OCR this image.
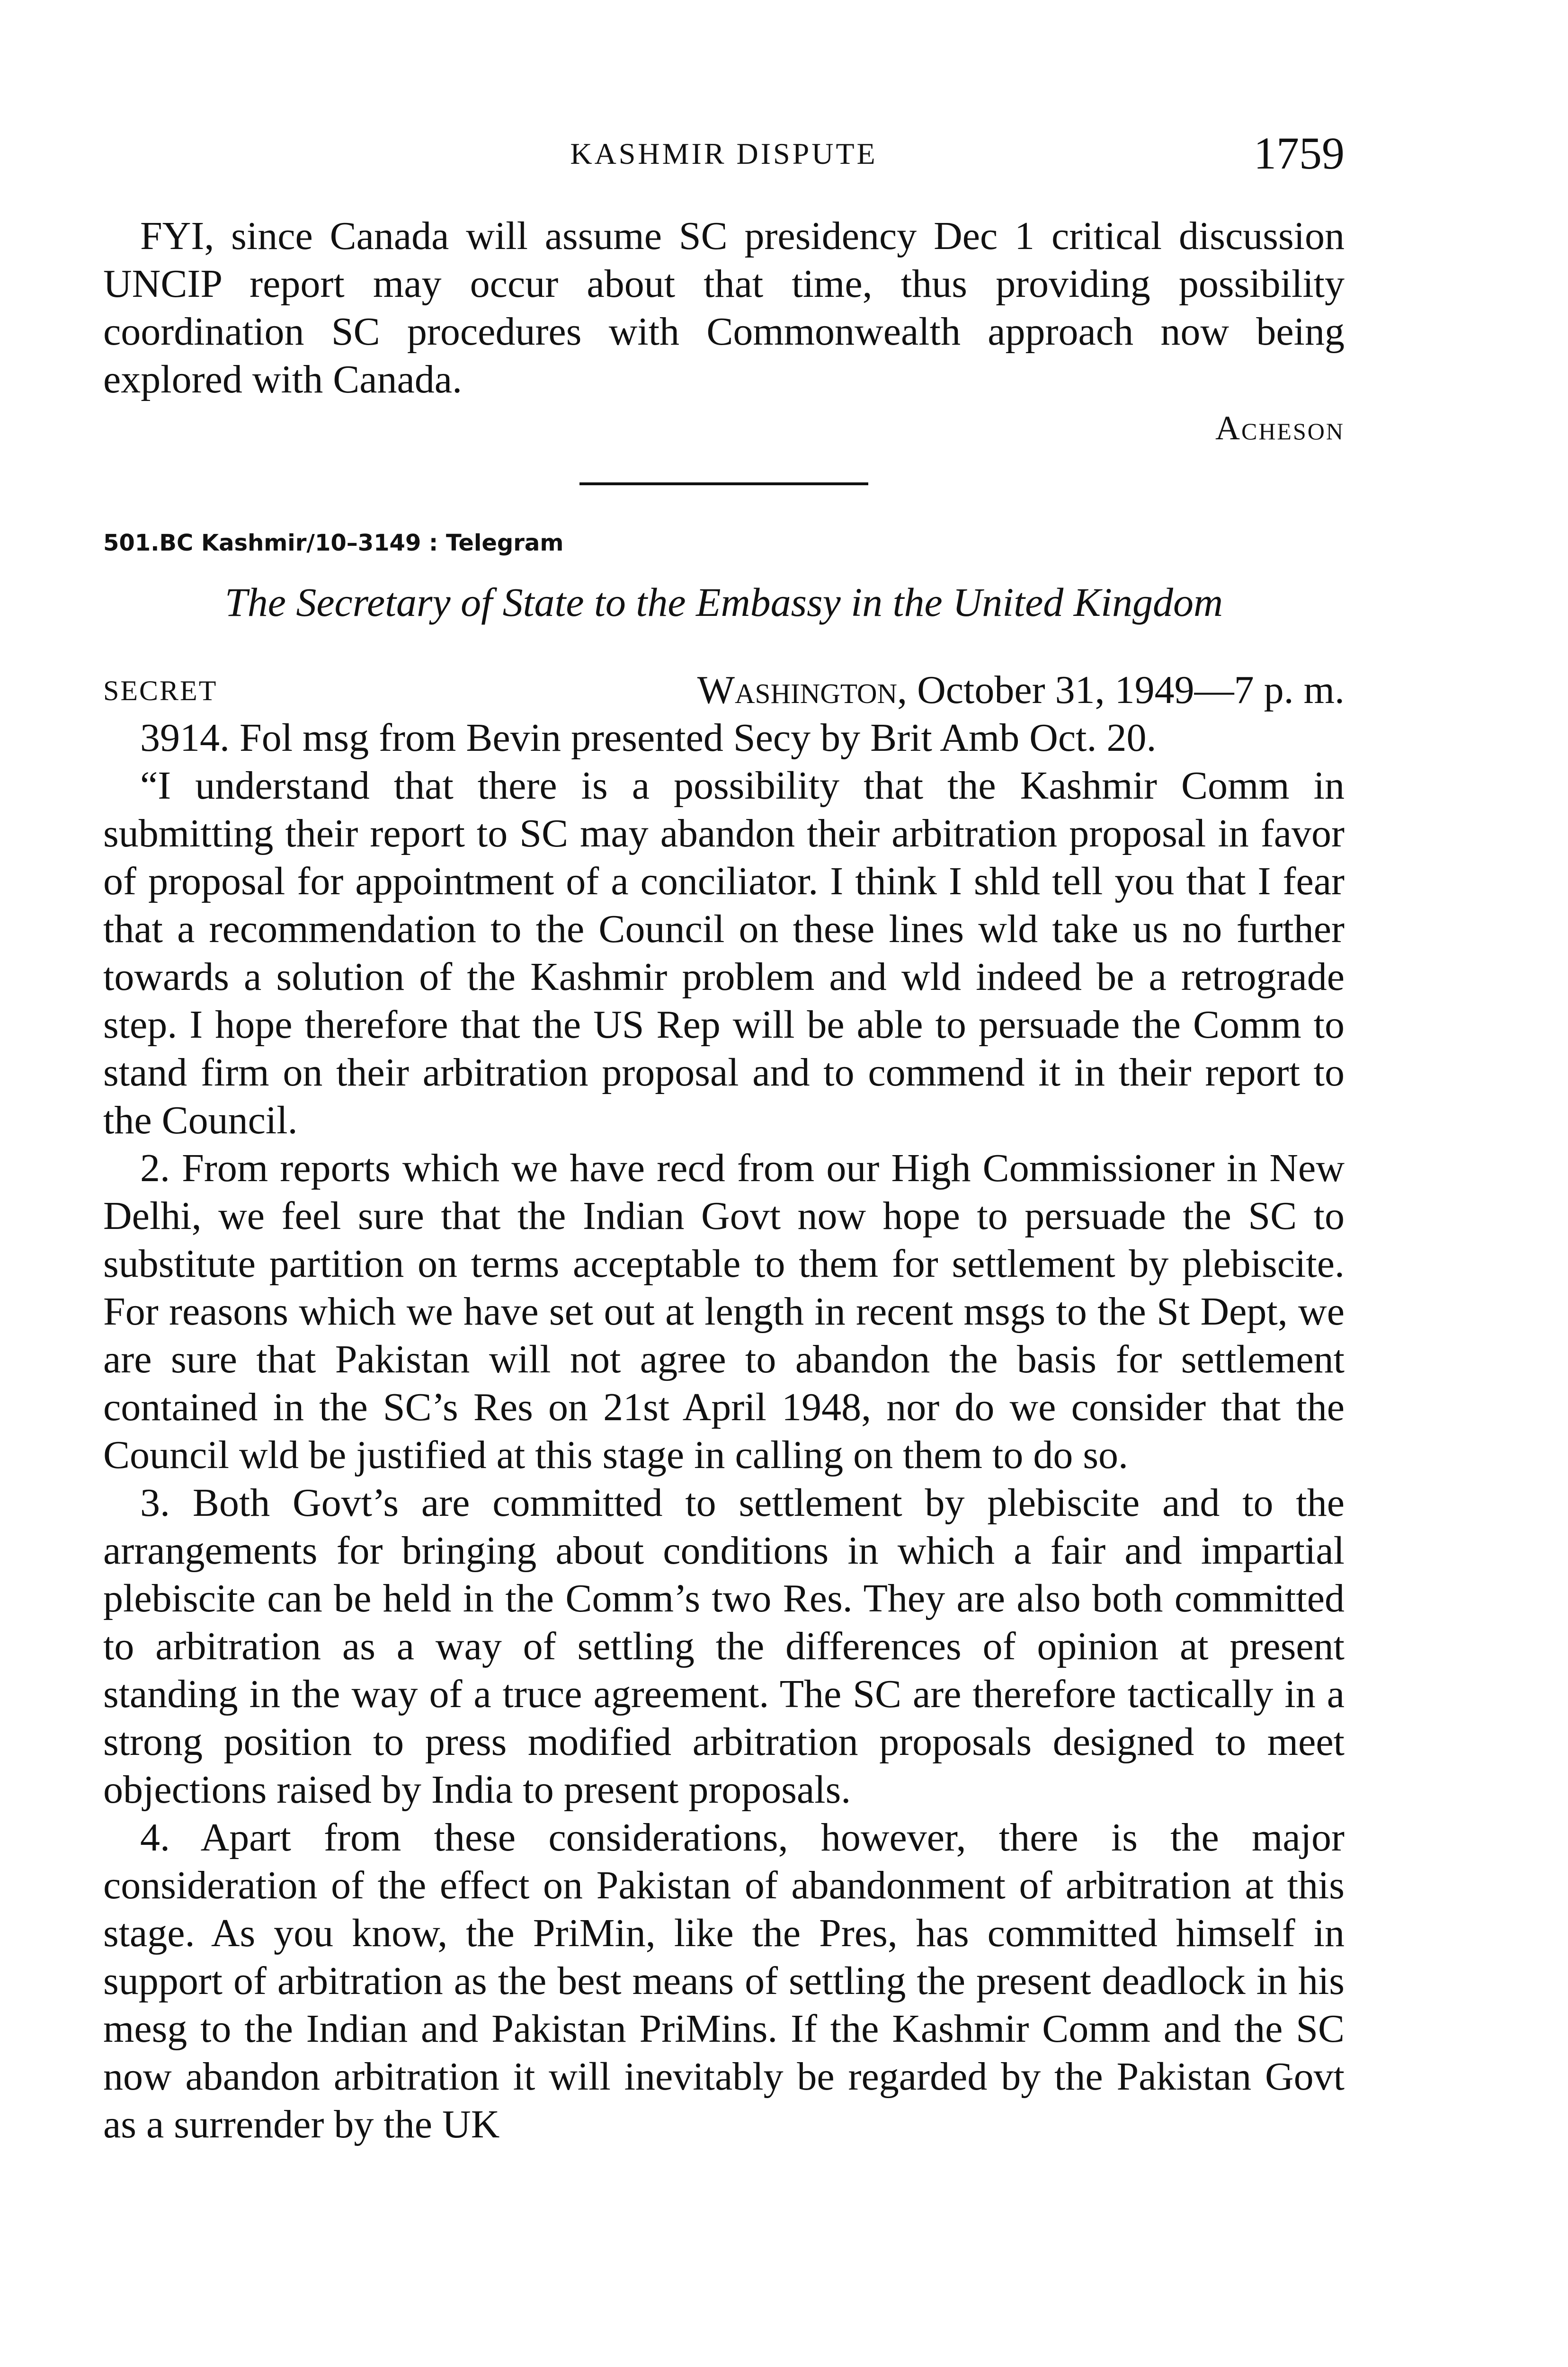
KASHMIR DISPUTE	1759

FYI, since Canada will assume SC presidency Dec 1 critical discussion UNCIP report may occur about that time, thus providing possibility coordination SC procedures with Commonwealth approach now being explored with Canada.

Acheson
501.BC Kashmir/10–3149 : Telegram
The Secretary of State to the Embassy in the United Kingdom
SECRET	Washington, October 31, 1949—7 p. m.

3914. Fol msg from Bevin presented Secy by Brit Amb Oct. 20.

“I understand that there is a possibility that the Kashmir Comm in submitting their report to SC may abandon their arbitration proposal in favor of proposal for appointment of a conciliator. I think I shld tell you that I fear that a recommendation to the Council on these lines wld take us no further towards a solution of the Kashmir problem and wld indeed be a retrograde step. I hope therefore that the US Rep will be able to persuade the Comm to stand firm on their arbitration proposal and to commend it in their report to the Council.

2. From reports which we have recd from our High Commissioner in New Delhi, we feel sure that the Indian Govt now hope to persuade the SC to substitute partition on terms acceptable to them for settlement by plebiscite. For reasons which we have set out at length in recent msgs to the St Dept, we are sure that Pakistan will not agree to abandon the basis for settlement contained in the SC’s Res on 21st April 1948, nor do we consider that the Council wld be justified at this stage in calling on them to do so.

3. Both Govt’s are committed to settlement by plebiscite and to the arrangements for bringing about conditions in which a fair and impartial plebiscite can be held in the Comm’s two Res. They are also both committed to arbitration as a way of settling the differences of opinion at present standing in the way of a truce agreement. The SC are therefore tactically in a strong position to press modified arbitration proposals designed to meet objections raised by India to present proposals.

4. Apart from these considerations, however, there is the major consideration of the effect on Pakistan of abandonment of arbitration at this stage. As you know, the PriMin, like the Pres, has committed himself in support of arbitration as the best means of settling the present deadlock in his mesg to the Indian and Pakistan PriMins. If the Kashmir Comm and the SC now abandon arbitration it will inevitably be regarded by the Pakistan Govt as a surrender by the UK
